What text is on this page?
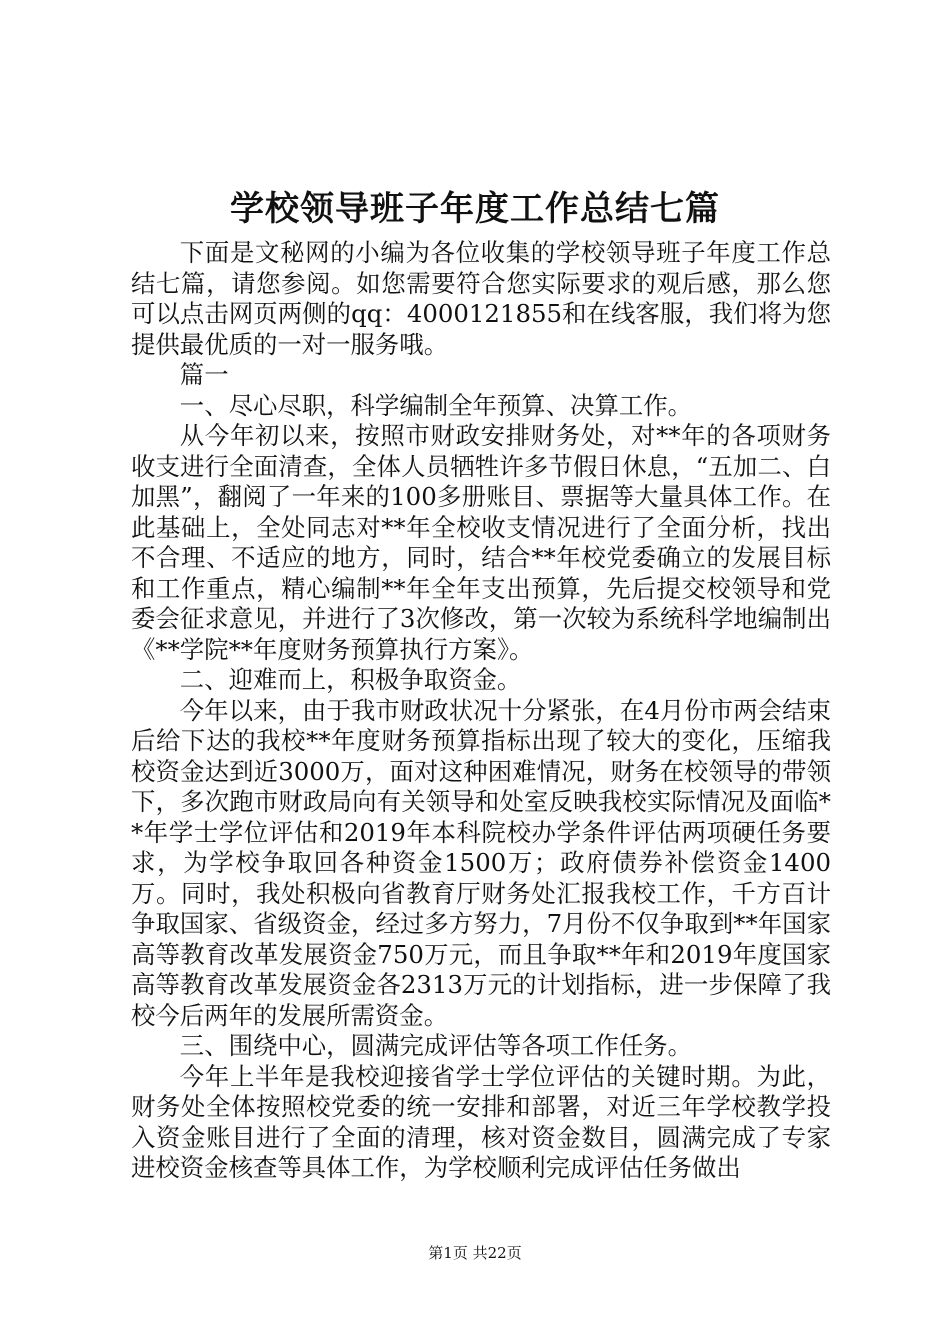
学校领导班子年度工作总结七篇

下面是文秘网的小编为各位收集的学校领导班子年度工作总结七篇，请您参阅。如您需要符合您实际要求的观后感，那么您可以点击网页两侧的qq：4000121855和在线客服，我们将为您提供最优质的一对一服务哦。

篇一

一、尽心尽职，科学编制全年预算、决算工作。

从今年初以来，按照市财政安排财务处，对**年的各项财务收支进行全面清查，全体人员牺牲许多节假日休息，“五加二、白加黑”，翻阅了一年来的100多册账目、票据等大量具体工作。在此基础上，全处同志对**年全校收支情况进行了全面分析，找出不合理、不适应的地方，同时，结合**年校党委确立的发展目标和工作重点，精心编制**年全年支出预算，先后提交校领导和党委会征求意见，并进行了3次修改，第一次较为系统科学地编制出《**学院**年度财务预算执行方案》。

二、迎难而上，积极争取资金。

今年以来，由于我市财政状况十分紧张，在4月份市两会结束后给下达的我校**年度财务预算指标出现了较大的变化，压缩我校资金达到近3000万，面对这种困难情况，财务在校领导的带领下，多次跑市财政局向有关领导和处室反映我校实际情况及面临**年学士学位评估和2019年本科院校办学条件评估两项硬任务要求，为学校争取回各种资金1500万；政府债券补偿资金1400万。同时，我处积极向省教育厅财务处汇报我校工作，千方百计争取国家、省级资金，经过多方努力，7月份不仅争取到**年国家高等教育改革发展资金750万元，而且争取**年和2019年度国家高等教育改革发展资金各2313万元的计划指标，进一步保障了我校今后两年的发展所需资金。

三、围绕中心，圆满完成评估等各项工作任务。

今年上半年是我校迎接省学士学位评估的关键时期。为此，财务处全体按照校党委的统一安排和部署，对近三年学校教学投入资金账目进行了全面的清理，核对资金数目，圆满完成了专家进校资金核查等具体工作，为学校顺利完成评估任务做出

第1页 共22页
